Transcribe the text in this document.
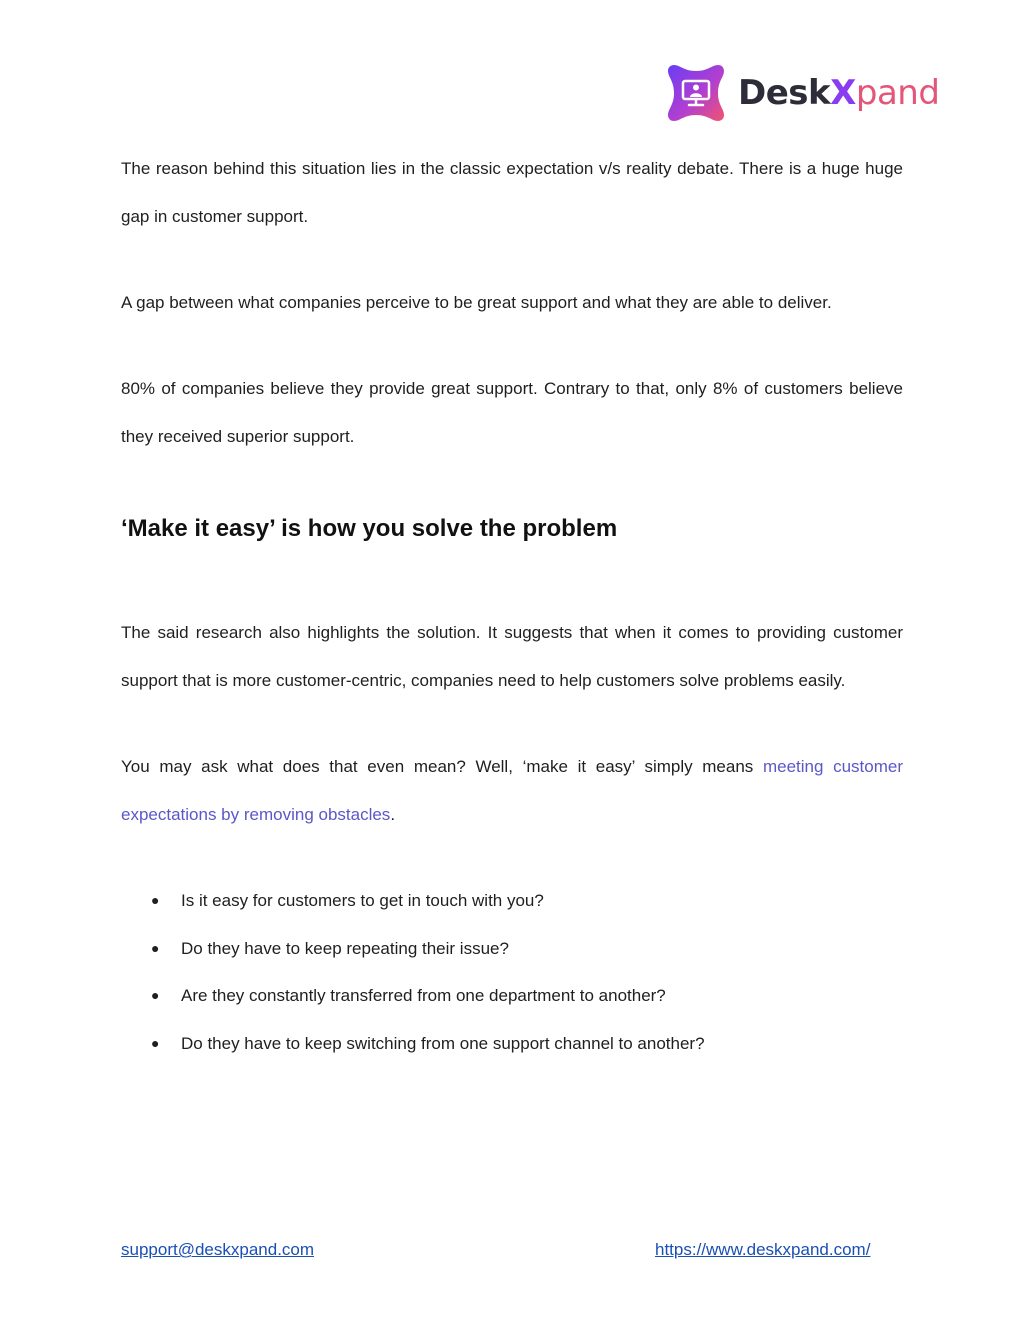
DeskXpand

The reason behind this situation lies in the classic expectation v/s reality debate. There is a huge huge gap in customer support.

A gap between what companies perceive to be great support and what they are able to deliver.

80% of companies believe they provide great support. Contrary to that, only 8% of customers believe they received superior support.

‘Make it easy’ is how you solve the problem

The said research also highlights the solution. It suggests that when it comes to providing customer support that is more customer-centric, companies need to help customers solve problems easily.

You may ask what does that even mean? Well, ‘make it easy’ simply means meeting customer expectations by removing obstacles.

● Is it easy for customers to get in touch with you?
● Do they have to keep repeating their issue?
● Are they constantly transferred from one department to another?
● Do they have to keep switching from one support channel to another?
support@deskxpand.com	https://www.deskxpand.com/
